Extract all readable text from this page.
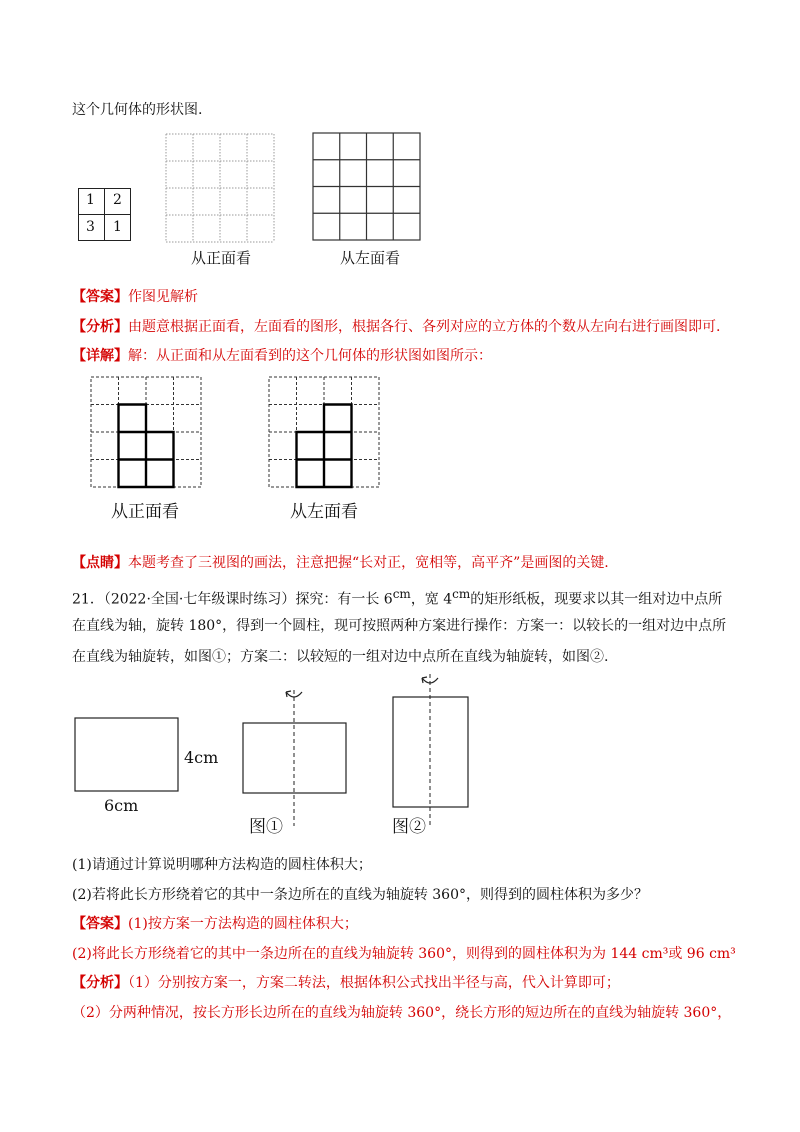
这个几何体的形状图.
1 2
3 1
从正面看	从左面看
【答案】作图见解析
【分析】由题意根据正面看，左面看的图形，根据各行、各列对应的立方体的个数从左向右进行画图即可.
【详解】解：从正面和从左面看到的这个几何体的形状图如图所示：
从正面看	从左面看
【点睛】本题考查了三视图的画法，注意把握“长对正，宽相等，高平齐”是画图的关键.
21．（2022·全国·七年级课时练习）探究：有一长 $6^{cm}$，宽 $4^{cm}$的矩形纸板，现要求以其一组对边中点所
在直线为轴，旋转 180°，得到一个圆柱，现可按照两种方案进行操作：方案一：以较长的一组对边中点所
在直线为轴旋转，如图①；方案二：以较短的一组对边中点所在直线为轴旋转，如图②.
4cm
6cm
图①	图②
(1)请通过计算说明哪种方法构造的圆柱体积大；
(2)若将此长方形绕着它的其中一条边所在的直线为轴旋转 360°，则得到的圆柱体积为多少？
【答案】(1)按方案一方法构造的圆柱体积大；
(2)将此长方形绕着它的其中一条边所在的直线为轴旋转 360°，则得到的圆柱体积为为 144 cm³或 96 cm³
【分析】（1）分别按方案一，方案二转法，根据体积公式找出半径与高，代入计算即可；
（2）分两种情况，按长方形长边所在的直线为轴旋转 360°，绕长方形的短边所在的直线为轴旋转 360°，
